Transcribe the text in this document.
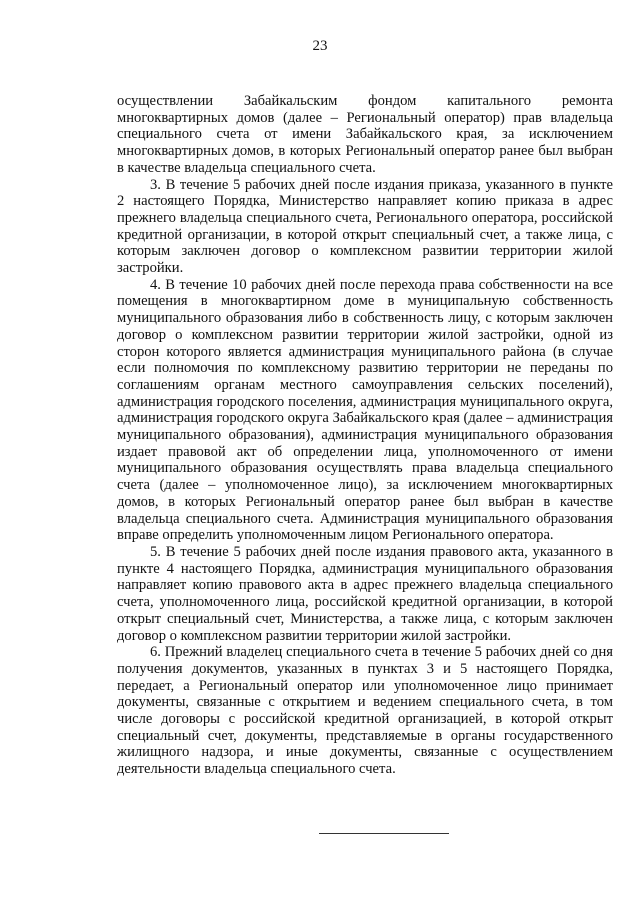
23

осуществлении Забайкальским фондом капитального ремонта многоквартирных домов (далее – Региональный оператор) прав владельца специального счета от имени Забайкальского края, за исключением многоквартирных домов, в которых Региональный оператор ранее был выбран в качестве владельца специального счета.

3. В течение 5 рабочих дней после издания приказа, указанного в пункте 2 настоящего Порядка, Министерство направляет копию приказа в адрес прежнего владельца специального счета, Регионального оператора, российской кредитной организации, в которой открыт специальный счет, а также лица, с которым заключен договор о комплексном развитии территории жилой застройки.

4. В течение 10 рабочих дней после перехода права собственности на все помещения в многоквартирном доме в муниципальную собственность муниципального образования либо в собственность лицу, с которым заключен договор о комплексном развитии территории жилой застройки, одной из сторон которого является администрация муниципального района (в случае если полномочия по комплексному развитию территории не переданы по соглашениям органам местного самоуправления сельских поселений), администрация городского поселения, администрация муниципального округа, администрация городского округа Забайкальского края (далее – администрация муниципального образования), администрация муниципального образования издает правовой акт об определении лица, уполномоченного от имени муниципального образования осуществлять права владельца специального счета (далее – уполномоченное лицо), за исключением многоквартирных домов, в которых Региональный оператор ранее был выбран в качестве владельца специального счета. Администрация муниципального образования вправе определить уполномоченным лицом Регионального оператора.

5. В течение 5 рабочих дней после издания правового акта, указанного в пункте 4 настоящего Порядка, администрация муниципального образования направляет копию правового акта в адрес прежнего владельца специального счета, уполномоченного лица, российской кредитной организации, в которой открыт специальный счет, Министерства, а также лица, с которым заключен договор о комплексном развитии территории жилой застройки.

6. Прежний владелец специального счета в течение 5 рабочих дней со дня получения документов, указанных в пунктах 3 и 5 настоящего Порядка, передает, а Региональный оператор или уполномоченное лицо принимает документы, связанные с открытием и ведением специального счета, в том числе договоры с российской кредитной организацией, в которой открыт специальный счет, документы, представляемые в органы государственного жилищного надзора, и иные документы, связанные с осуществлением деятельности владельца специального счета.
